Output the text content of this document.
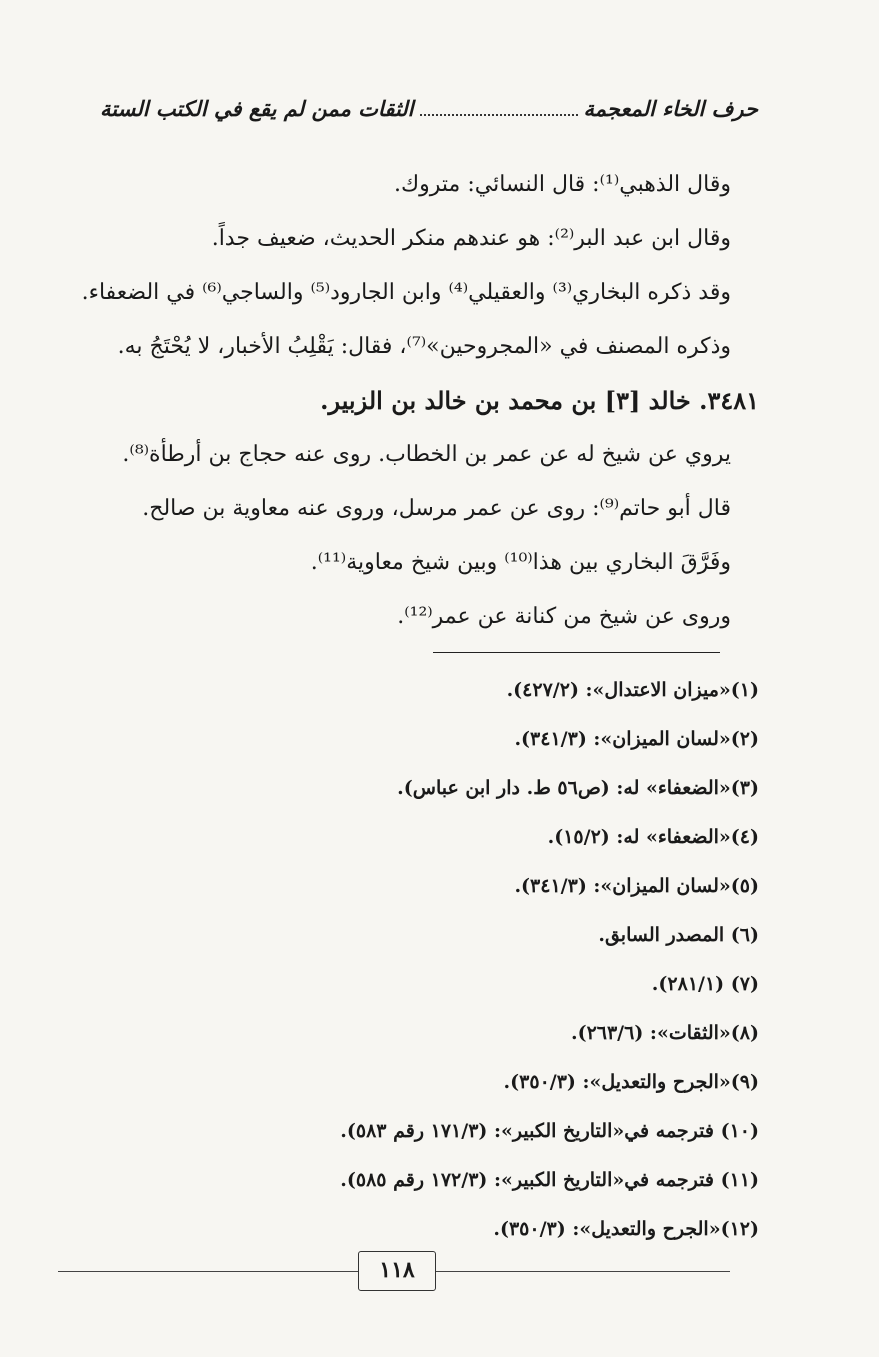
حرف الخاء المعجمة
الثقات ممن لم يقع في الكتب الستة

وقال الذهبي⁽¹⁾: قال النسائي: متروك.

وقال ابن عبد البر⁽²⁾: هو عندهم منكر الحديث، ضعيف جداً.

وقد ذكره البخاري⁽³⁾ والعقيلي⁽⁴⁾ وابن الجارود⁽⁵⁾ والساجي⁽⁶⁾ في الضعفاء.

وذكره المصنف في «المجروحين»⁽⁷⁾، فقال: يَقْلِبُ الأخبار، لا يُحْتَجُ به.

٣٤٨١. خالد [٣] بن محمد بن خالد بن الزبير.

يروي عن شيخ له عن عمر بن الخطاب. روى عنه حجاج بن أرطأة⁽⁸⁾.

قال أبو حاتم⁽⁹⁾: روى عن عمر مرسل، وروى عنه معاوية بن صالح.

وفَرَّقَ البخاري بين هذا⁽¹⁰⁾ وبين شيخ معاوية⁽¹¹⁾.

وروى عن شيخ من كنانة عن عمر⁽¹²⁾.

(١)«ميزان الاعتدال»: (٤٢٧/٢).

(٢)«لسان الميزان»: (٣٤١/٣).

(٣)«الضعفاء» له: (ص٥٦ ط. دار ابن عباس).

(٤)«الضعفاء» له: (١٥/٢).

(٥)«لسان الميزان»: (٣٤١/٣).

(٦) المصدر السابق.

(٧) (٢٨١/١).

(٨)«الثقات»: (٢٦٣/٦).

(٩)«الجرح والتعديل»: (٣٥٠/٣).

(١٠) فترجمه في«التاريخ الكبير»: (١٧١/٣ رقم ٥٨٣).

(١١) فترجمه في«التاريخ الكبير»: (١٧٢/٣ رقم ٥٨٥).

(١٢)«الجرح والتعديل»: (٣٥٠/٣).

١١٨
